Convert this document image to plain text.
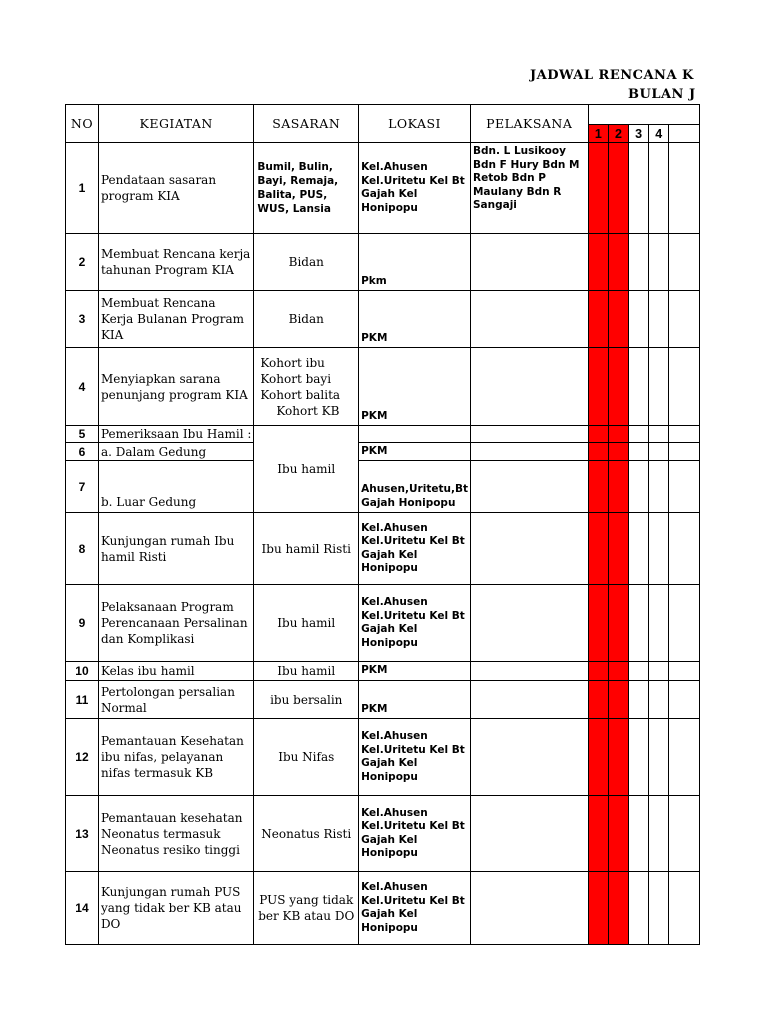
JADWAL RENCANA K
BULAN J
NO	KEGIATAN	SASARAN	LOKASI	PELAKSANA					
					1	2	3	4	
1	Pendataan sasaran program KIA	Bumil, Bulin, Bayi, Remaja, Balita, PUS, WUS, Lansia	Kel.Ahusen Kel.Uritetu Kel Bt Gajah Kel Honipopu	Bdn. L Lusikooy Bdn F Hury Bdn M Retob Bdn P Maulany Bdn R Sangaji					
2	Membuat Rencana kerja tahunan Program KIA	Bidan	Pkm						
3	Membuat Rencana Kerja Bulanan Program KIA	Bidan	PKM						
4	Menyiapkan sarana penunjang program KIA	Kohort ibu
Kohort bayi
Kohort balita
Kohort KB	PKM						
5	Pemeriksaan Ibu Hamil :	Ibu hamil							
6	a. Dalam Gedung		PKM						
7	b. Luar Gedung		Ahusen,Uritetu,Bt Gajah Honipopu						
8	Kunjungan rumah Ibu hamil Risti	Ibu hamil Risti	Kel.Ahusen Kel.Uritetu Kel Bt Gajah Kel Honipopu						
9	Pelaksanaan Program Perencanaan Persalinan dan Komplikasi	Ibu hamil	Kel.Ahusen Kel.Uritetu Kel Bt Gajah Kel Honipopu						
10	Kelas ibu hamil	Ibu hamil	PKM						
11	Pertolongan persalian Normal	ibu bersalin	PKM						
12	Pemantauan Kesehatan ibu nifas, pelayanan nifas termasuk KB	Ibu Nifas	Kel.Ahusen Kel.Uritetu Kel Bt Gajah Kel Honipopu						
13	Pemantauan kesehatan Neonatus termasuk Neonatus resiko tinggi	Neonatus Risti	Kel.Ahusen Kel.Uritetu Kel Bt Gajah Kel Honipopu						
14	Kunjungan rumah PUS yang tidak ber KB atau DO	PUS yang tidak ber KB atau DO	Kel.Ahusen Kel.Uritetu Kel Bt Gajah Kel Honipopu						
